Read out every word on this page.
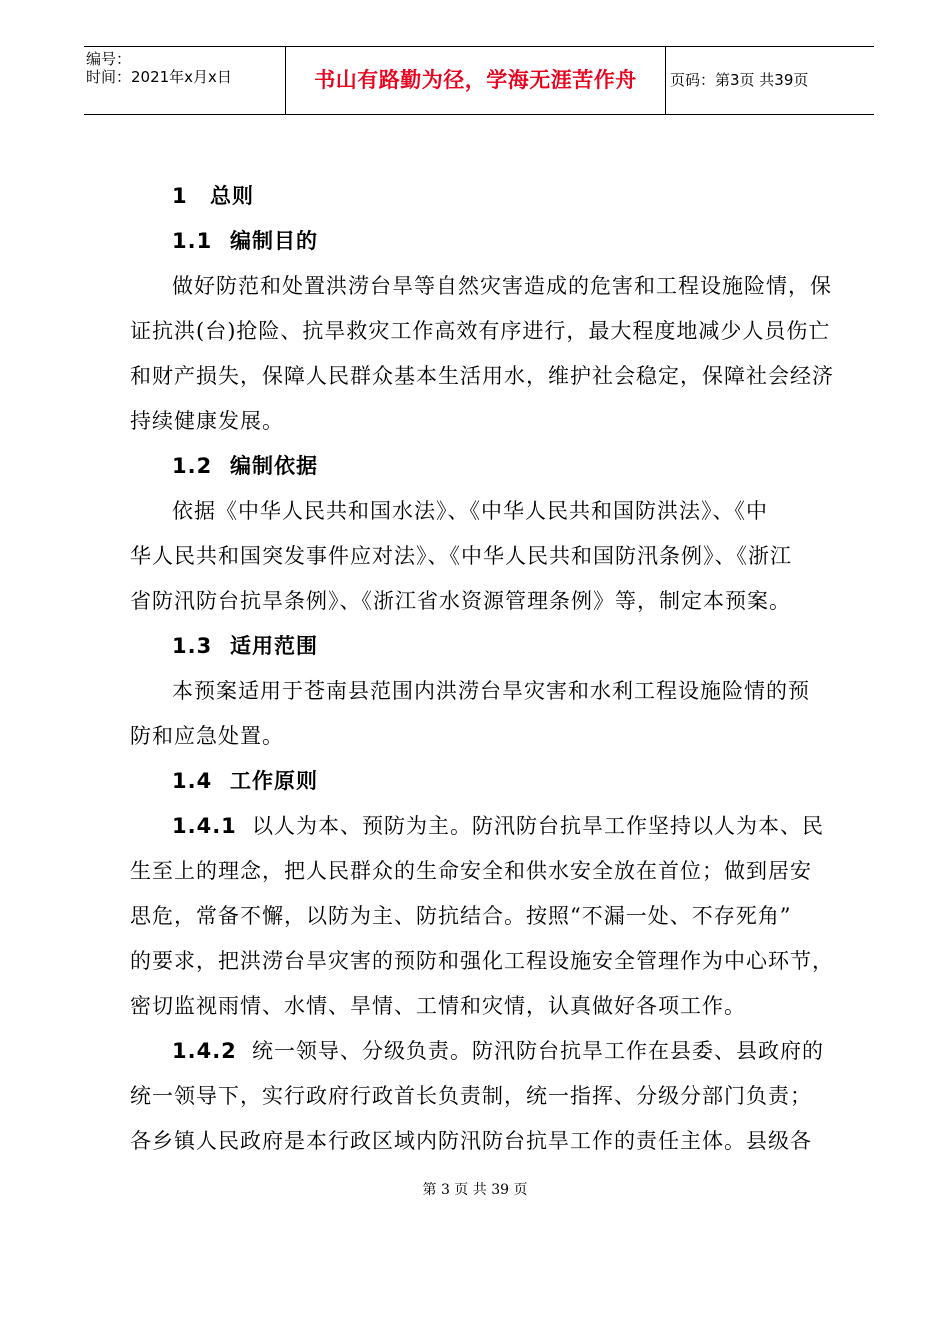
编号：
时间：2021年x月x日	书山有路勤为径，学海无涯苦作舟	页码：第3页 共39页
1 总则
1.1 编制目的
做好防范和处置洪涝台旱等自然灾害造成的危害和工程设施险情，保
证抗洪(台)抢险、抗旱救灾工作高效有序进行，最大程度地减少人员伤亡
和财产损失，保障人民群众基本生活用水，维护社会稳定，保障社会经济
持续健康发展。
1.2 编制依据
依据《中华人民共和国水法》、《中华人民共和国防洪法》、《中
华人民共和国突发事件应对法》、《中华人民共和国防汛条例》、《浙江
省防汛防台抗旱条例》、《浙江省水资源管理条例》等，制定本预案。
1.3 适用范围
本预案适用于苍南县范围内洪涝台旱灾害和水利工程设施险情的预
防和应急处置。
1.4 工作原则
1.4.1 以人为本、预防为主。防汛防台抗旱工作坚持以人为本、民
生至上的理念，把人民群众的生命安全和供水安全放在首位；做到居安
思危，常备不懈，以防为主、防抗结合。按照“不漏一处、不存死角”
的要求，把洪涝台旱灾害的预防和强化工程设施安全管理作为中心环节，
密切监视雨情、水情、旱情、工情和灾情，认真做好各项工作。
1.4.2 统一领导、分级负责。防汛防台抗旱工作在县委、县政府的
统一领导下，实行政府行政首长负责制，统一指挥、分级分部门负责；
各乡镇人民政府是本行政区域内防汛防台抗旱工作的责任主体。县级各
第 3 页 共 39 页
